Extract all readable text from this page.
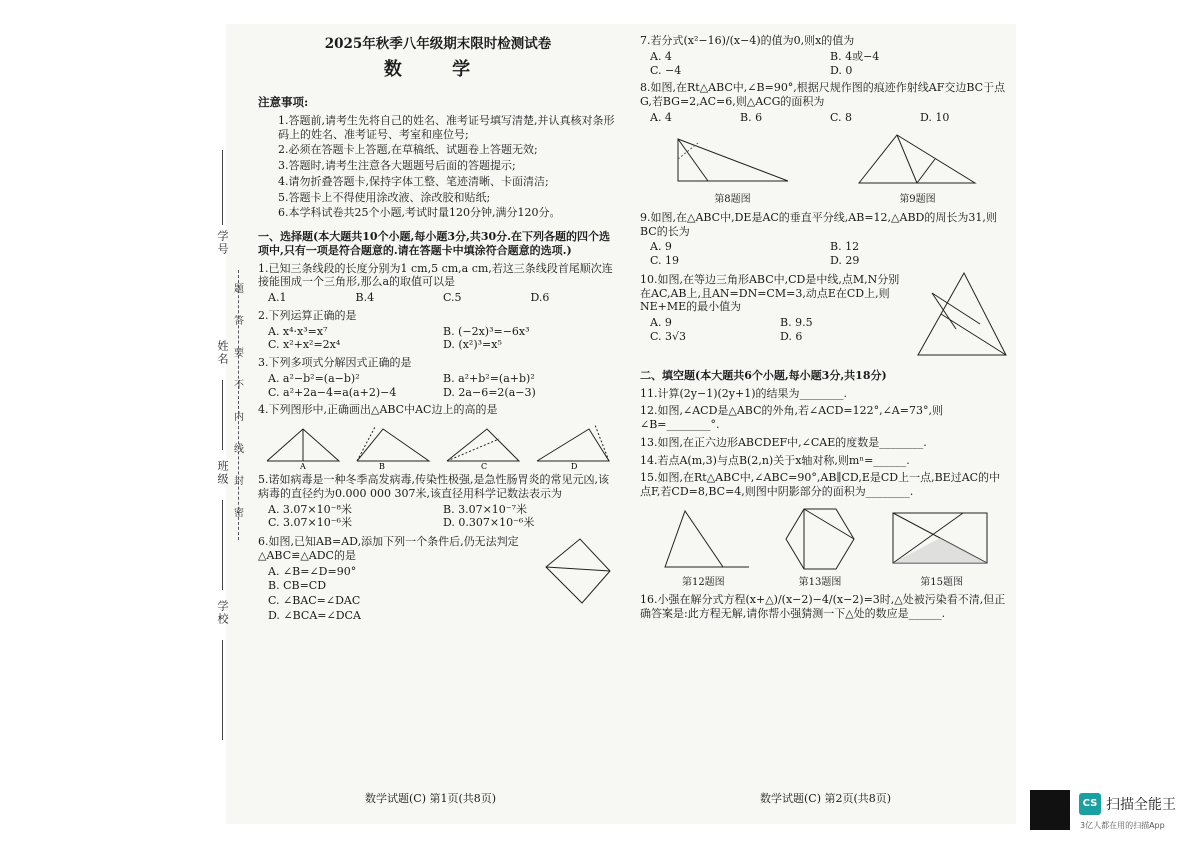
学号
姓名
班级
学校
题
答
要
不
内
线
封
密
2025年秋季八年级期末限时检测试卷
数 学
注意事项:
1.答题前,请考生先将自己的姓名、准考证号填写清楚,并认真核对条形码上的姓名、准考证号、考室和座位号;
2.必须在答题卡上答题,在草稿纸、试题卷上答题无效;
3.答题时,请考生注意各大题题号后面的答题提示;
4.请勿折叠答题卡,保持字体工整、笔迹清晰、卡面清洁;
5.答题卡上不得使用涂改液、涂改胶和贴纸;
6.本学科试卷共25个小题,考试时量120分钟,满分120分。
一、选择题(本大题共10个小题,每小题3分,共30分.在下列各题的四个选项中,只有一项是符合题意的.请在答题卡中填涂符合题意的选项.)
1.已知三条线段的长度分别为1 cm,5 cm,a cm,若这三条线段首尾顺次连接能围成一个三角形,那么a的取值可以是
A.1	B.4	C.5	D.6
2.下列运算正确的是
A. x⁴·x³=x⁷	B. (−2x)³=−6x³
C. x²+x²=2x⁴	D. (x²)³=x⁵
3.下列多项式分解因式正确的是
A. a²−b²=(a−b)²	B. a²+b²=(a+b)²
C. a²+2a−4=a(a+2)−4	D. 2a−6=2(a−3)
4.下列图形中,正确画出△ABC中AC边上的高的是
A	B	C	D
5.诺如病毒是一种冬季高发病毒,传染性极强,是急性肠胃炎的常见元凶,该病毒的直径约为0.000 000 307米,该直径用科学记数法表示为
A. 3.07×10⁻⁸米	B. 3.07×10⁻⁷米
C. 3.07×10⁻⁶米	D. 0.307×10⁻⁶米
6.如图,已知AB=AD,添加下列一个条件后,仍无法判定△ABC≌△ADC的是
A. ∠B=∠D=90°
B. CB=CD
C. ∠BAC=∠DAC
D. ∠BCA=∠DCA
数学试题(C) 第1页(共8页)
7.若分式(x²−16)/(x−4)的值为0,则x的值为
A. 4	B. 4或−4
C. −4	D. 0
8.如图,在Rt△ABC中,∠B=90°,根据尺规作图的痕迹作射线AF交边BC于点G,若BG=2,AC=6,则△ACG的面积为
A. 4	B. 6	C. 8	D. 10
第8题图	第9题图
9.如图,在△ABC中,DE是AC的垂直平分线,AB=12,△ABD的周长为31,则BC的长为
A. 9	B. 12
C. 19	D. 29
10.如图,在等边三角形ABC中,CD是中线,点M,N分别在AC,AB上,且AN=DN=CM=3,动点E在CD上,则NE+ME的最小值为
A. 9	B. 9.5
C. 3√3	D. 6
二、填空题(本大题共6个小题,每小题3分,共18分)
11.计算(2y−1)(2y+1)的结果为________.
12.如图,∠ACD是△ABC的外角,若∠ACD=122°,∠A=73°,则∠B=________°.
13.如图,在正六边形ABCDEF中,∠CAE的度数是________.
14.若点A(m,3)与点B(2,n)关于x轴对称,则mⁿ=______.
15.如图,在Rt△ABC中,∠ABC=90°,AB∥CD,E是CD上一点,BE过AC的中点F,若CD=8,BC=4,则图中阴影部分的面积为________.
第12题图	第13题图	第15题图
16.小强在解分式方程(x+△)/(x−2)−4/(x−2)=3时,△处被污染看不清,但正确答案是:此方程无解,请你帮小强猜测一下△处的数应是______.
数学试题(C) 第2页(共8页)	CS 扫描全能王
3亿人都在用的扫描App
